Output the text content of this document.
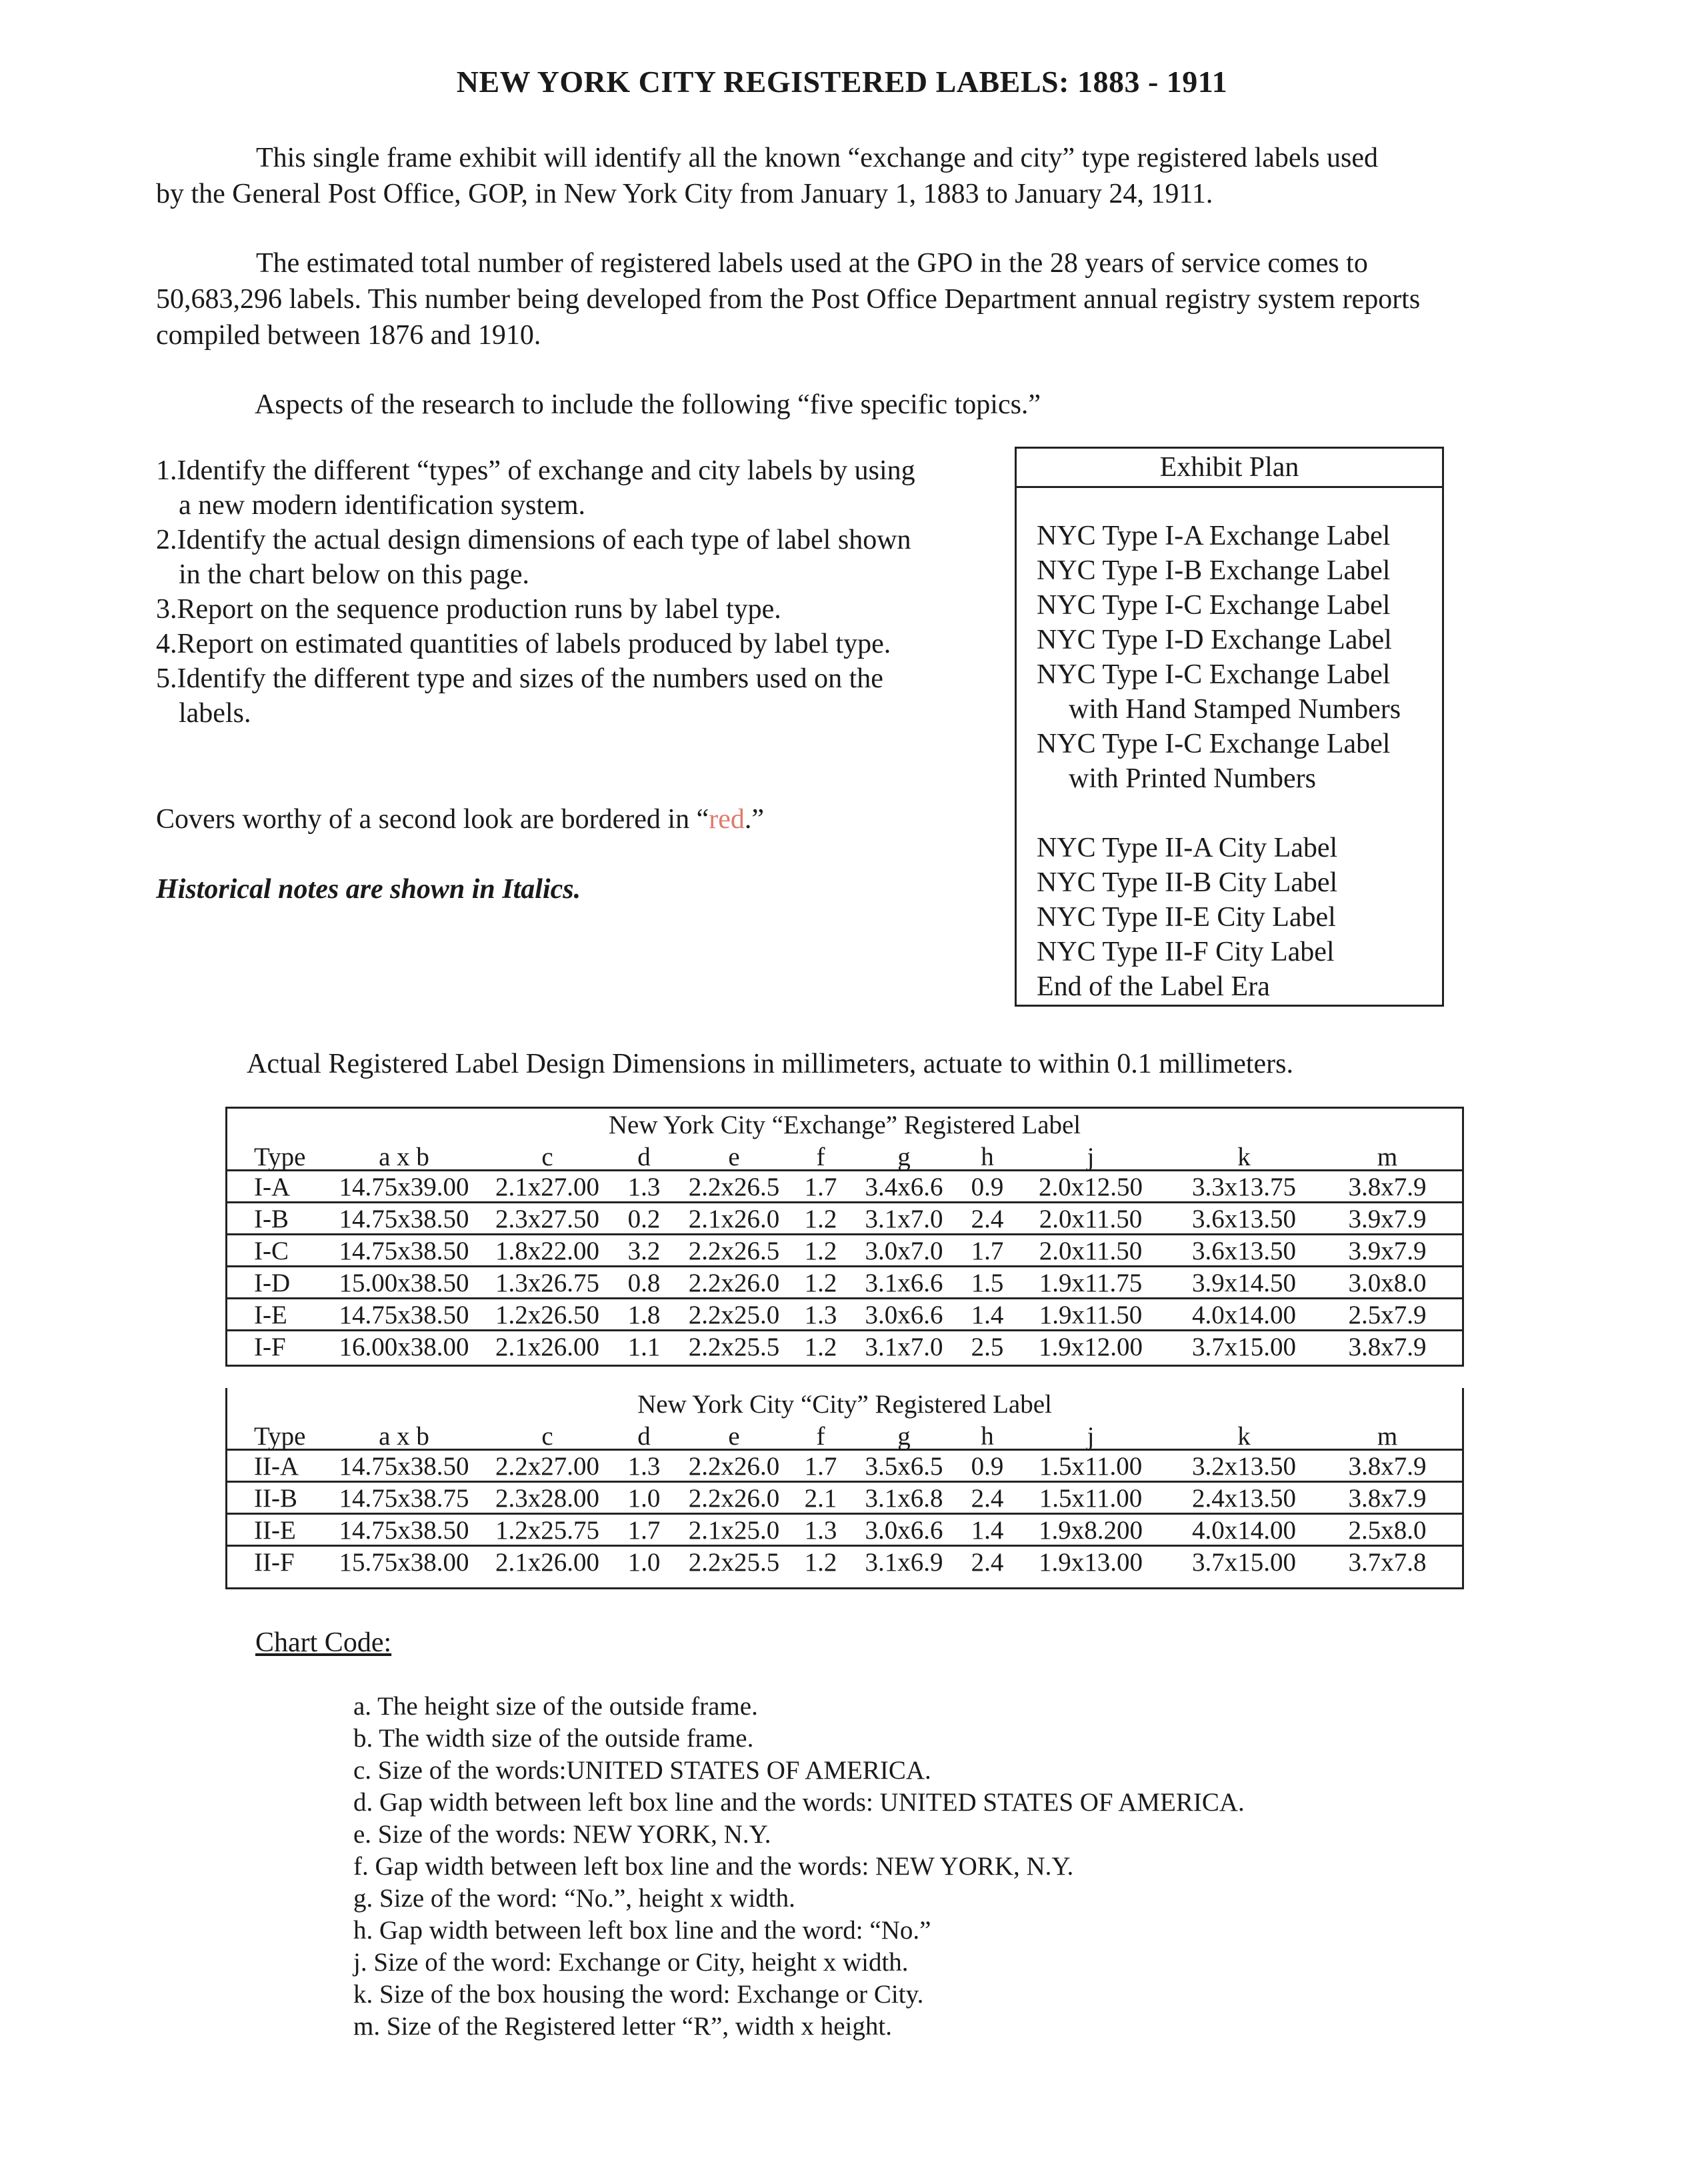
NEW YORK CITY REGISTERED LABELS: 1883 - 1911
This single frame exhibit will identify all the known “exchange and city” type registered labels used
by the General Post Office, GOP, in New York City from January 1, 1883 to January 24, 1911.
The estimated total number of registered labels used at the GPO in the 28 years of service comes to
50,683,296 labels. This number being developed from the Post Office Department annual registry system reports
compiled between 1876 and 1910.
Aspects of the research to include the following “five specific topics.”
1.Identify the different “types” of exchange and city labels by using a new modern identification system.
2.Identify the actual design dimensions of each type of label shown in the chart below on this page.
3.Report on the sequence production runs by label type.
4.Report on estimated quantities of labels produced by label type.
5.Identify the different type and sizes of the numbers used on the labels.
Covers worthy of a second look are bordered in “red.”
Historical notes are shown in Italics.
Exhibit Plan
NYC Type I-A Exchange Label
NYC Type I-B Exchange Label
NYC Type I-C Exchange Label
NYC Type I-D Exchange Label
NYC Type I-C Exchange Label
with Hand Stamped Numbers
NYC Type I-C Exchange Label
with Printed Numbers
NYC Type II-A City Label
NYC Type II-B City Label
NYC Type II-E City Label
NYC Type II-F City Label
End of the Label Era
Actual Registered Label Design Dimensions in millimeters, actuate to within 0.1 millimeters.
New York City “Exchange” Registered Label
Type	a x b	c	d	e	f	g	h	j	k	m
I-A	14.75x39.00	2.1x27.00	1.3	2.2x26.5 1.7	3.4x6.6	0.9	2.0x12.50	3.3x13.75	3.8x7.9
I-B	14.75x38.50	2.3x27.50	0.2	2.1x26.0 1.2	3.1x7.0	2.4	2.0x11.50	3.6x13.50	3.9x7.9
I-C	14.75x38.50	1.8x22.00	3.2	2.2x26.5 1.2	3.0x7.0	1.7	2.0x11.50	3.6x13.50	3.9x7.9
I-D	15.00x38.50	1.3x26.75	0.8	2.2x26.0 1.2	3.1x6.6	1.5	1.9x11.75	3.9x14.50	3.0x8.0
I-E	14.75x38.50	1.2x26.50	1.8	2.2x25.0 1.3	3.0x6.6	1.4	1.9x11.50	4.0x14.00	2.5x7.9
I-F	16.00x38.00	2.1x26.00	1.1	2.2x25.5 1.2	3.1x7.0	2.5	1.9x12.00	3.7x15.00	3.8x7.9
New York City “City” Registered Label
Type	a x b	c	d	e	f	g	h	j	k	m
II-A	14.75x38.50	2.2x27.00	1.3	2.2x26.0 1.7	3.5x6.5	0.9	1.5x11.00	3.2x13.50	3.8x7.9
II-B	14.75x38.75	2.3x28.00	1.0	2.2x26.0 2.1	3.1x6.8	2.4	1.5x11.00	2.4x13.50	3.8x7.9
II-E	14.75x38.50	1.2x25.75	1.7	2.1x25.0 1.3	3.0x6.6	1.4	1.9x8.200	4.0x14.00	2.5x8.0
II-F	15.75x38.00	2.1x26.00	1.0	2.2x25.5 1.2	3.1x6.9	2.4	1.9x13.00	3.7x15.00	3.7x7.8
Chart Code:
a. The height size of the outside frame.
b. The width size of the outside frame.
c. Size of the words:UNITED STATES OF AMERICA.
d. Gap width between left box line and the words: UNITED STATES OF AMERICA.
e. Size of the words: NEW YORK, N.Y.
f. Gap width between left box line and the words: NEW YORK, N.Y.
g. Size of the word: “No.”, height x width.
h. Gap width between left box line and the word: “No.”
j. Size of the word: Exchange or City, height x width.
k. Size of the box housing the word: Exchange or City.
m. Size of the Registered letter “R”, width x height.
